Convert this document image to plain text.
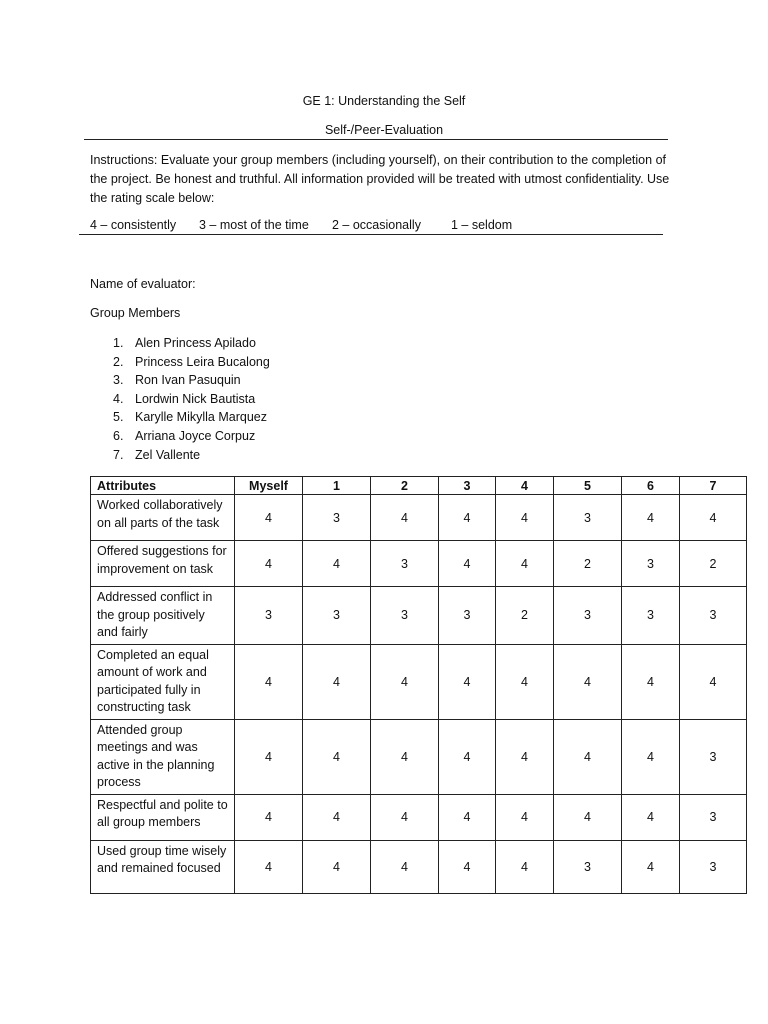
GE 1: Understanding the Self
Self-/Peer-Evaluation
Instructions: Evaluate your group members (including yourself), on their contribution to the completion of the project. Be honest and truthful. All information provided will be treated with utmost confidentiality. Use the rating scale below:
4 – consistently 3 – most of the time 2 – occasionally 1 – seldom
Name of evaluator:
Group Members
1. Alen Princess Apilado
2. Princess Leira Bucalong
3. Ron Ivan Pasuquin
4. Lordwin Nick Bautista
5. Karylle Mikylla Marquez
6. Arriana Joyce Corpuz
7. Zel Vallente
Attributes	Myself	1	2	3	4	5	6	7
Worked collaboratively on all parts of the task	4	3	4	4	4	3	4	4
Offered suggestions for improvement on task	4	4	3	4	4	2	3	2
Addressed conflict in the group positively and fairly	3	3	3	3	2	3	3	3
Completed an equal amount of work and participated fully in constructing task	4	4	4	4	4	4	4	4
Attended group meetings and was active in the planning process	4	4	4	4	4	4	4	3
Respectful and polite to all group members	4	4	4	4	4	4	4	3
Used group time wisely and remained focused	4	4	4	4	4	3	4	3
